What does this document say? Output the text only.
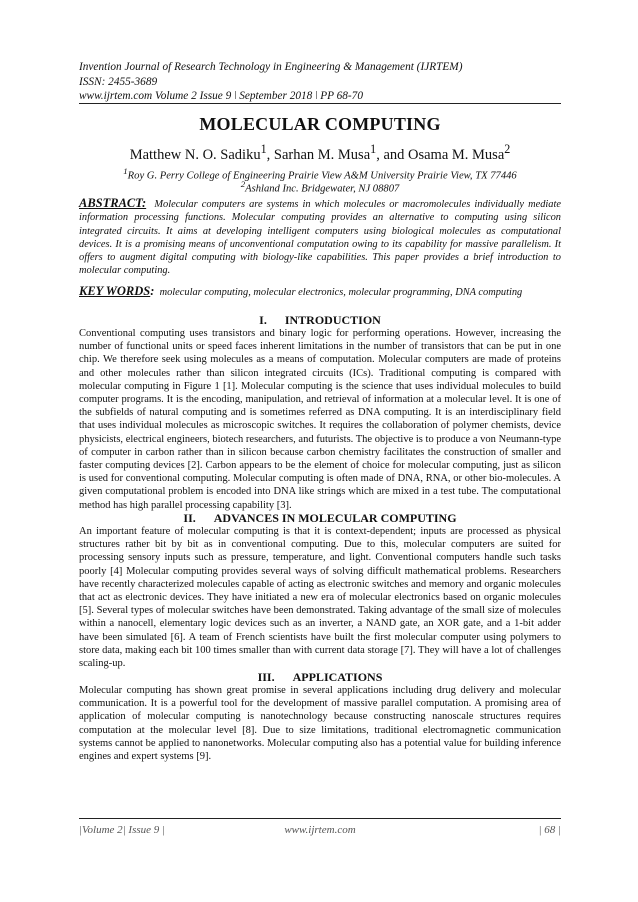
Invention Journal of Research Technology in Engineering & Management (IJRTEM)
ISSN: 2455-3689
www.ijrtem.com Volume 2 Issue 9 ǀ September 2018 ǀ PP 68-70
MOLECULAR COMPUTING
Matthew N. O. Sadiku$^1$, Sarhan M. Musa$^1$, and Osama M. Musa$^2$
$^1$Roy G. Perry College of Engineering Prairie View A&M University Prairie View, TX 77446
$^2$Ashland Inc. Bridgewater, NJ 08807
ABSTRACT: Molecular computers are systems in which molecules or macromolecules individually mediate information processing functions. Molecular computing provides an alternative to computing using silicon integrated circuits. It aims at developing intelligent computers using biological molecules as computational devices. It is a promising means of unconventional computation owing to its capability for massive parallelism. It offers to augment digital computing with biology-like capabilities. This paper provides a brief introduction to molecular computing.
KEY WORDS: molecular computing, molecular electronics, molecular programming, DNA computing
I. INTRODUCTION
Conventional computing uses transistors and binary logic for performing operations. However, increasing the number of functional units or speed faces inherent limitations in the number of transistors that can be put in one chip. We therefore seek using molecules as a means of computation. Molecular computers are made of proteins and other molecules rather than silicon integrated circuits (ICs). Traditional computing is compared with molecular computing in Figure 1 [1]. Molecular computing is the science that uses individual molecules to build computer programs. It is the encoding, manipulation, and retrieval of information at a molecular level. It is one of the subfields of natural computing and is sometimes referred as DNA computing. It is an interdisciplinary field that uses individual molecules as microscopic switches. It requires the collaboration of polymer chemists, device physicists, electrical engineers, biotech researchers, and futurists. The objective is to produce a von Neumann-type of computer in carbon rather than in silicon because carbon chemistry facilitates the construction of smaller and faster computing devices [2]. Carbon appears to be the element of choice for molecular computing, just as silicon is used for conventional computing. Molecular computing is often made of DNA, RNA, or other bio-molecules. A given computational problem is encoded into DNA like strings which are mixed in a test tube. The computational method has high parallel processing capability [3].
II. ADVANCES IN MOLECULAR COMPUTING
An important feature of molecular computing is that it is context-dependent; inputs are processed as physical structures rather bit by bit as in conventional computing. Due to this, molecular computers are suited for processing sensory inputs such as pressure, temperature, and light. Conventional computers handle such tasks poorly [4] Molecular computing provides several ways of solving difficult mathematical problems. Researchers have recently characterized molecules capable of acting as electronic switches and memory and organic molecules that act as electronic devices. They have initiated a new era of molecular electronics based on organic molecules [5]. Several types of molecular switches have been demonstrated. Taking advantage of the small size of molecules within a nanocell, elementary logic devices such as an inverter, a NAND gate, an XOR gate, and a 1-bit adder have been simulated [6]. A team of French scientists have built the first molecular computer using polymers to store data, making each bit 100 times smaller than with current data storage [7]. They will have a lot of challenges scaling-up.
III. APPLICATIONS
Molecular computing has shown great promise in several applications including drug delivery and molecular communication. It is a powerful tool for the development of massive parallel computation. A promising area of application of molecular computing is nanotechnology because constructing nanoscale structures requires computation at the molecular level [8]. Due to size limitations, traditional electromagnetic communication systems cannot be applied to nanonetworks. Molecular computing also has a potential value for building inference engines and expert systems [9].
|Volume 2| Issue 9 |	www.ijrtem.com	| 68 |
